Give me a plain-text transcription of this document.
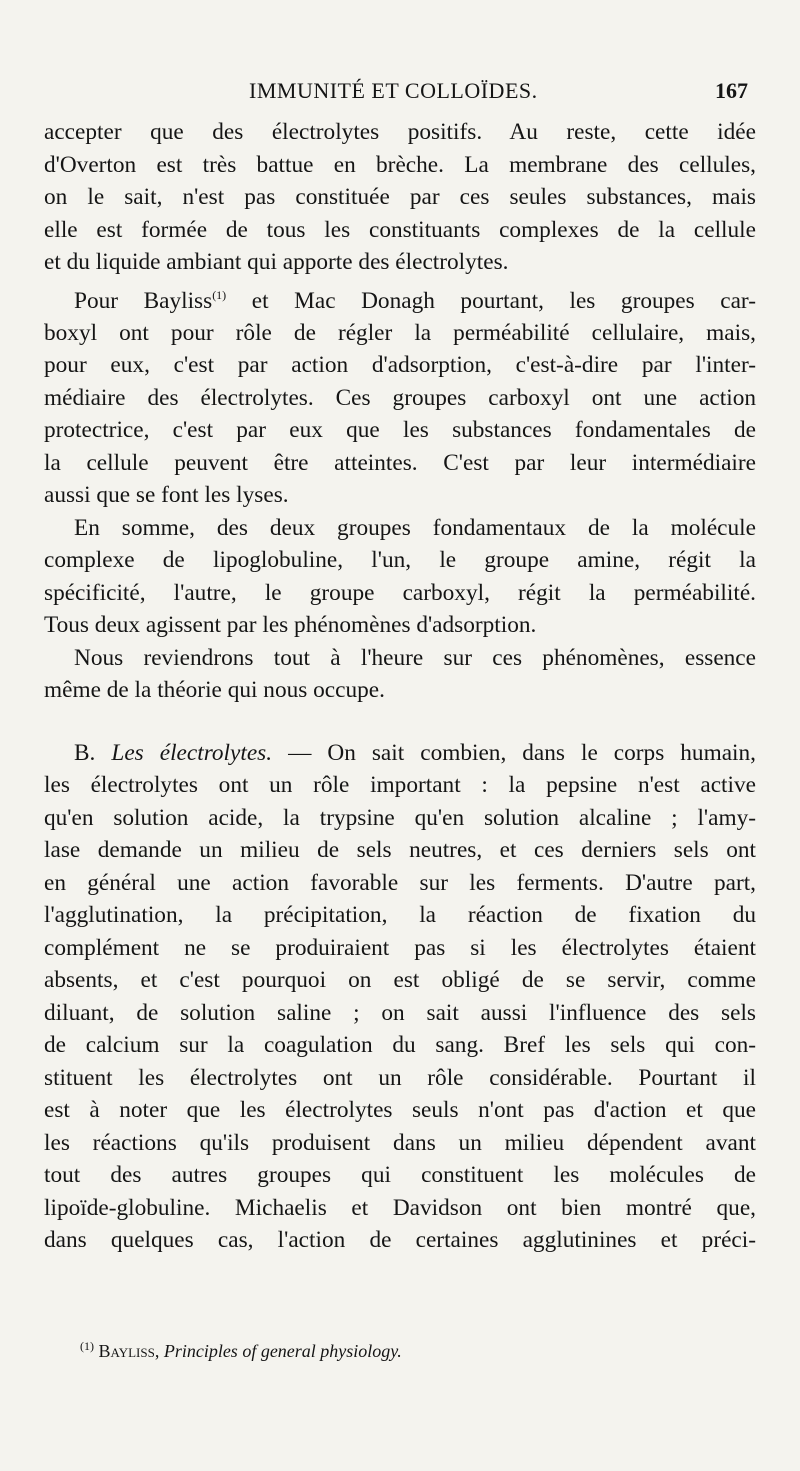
IMMUNITÉ ET COLLOÏDES.	167
accepter que des électrolytes positifs. Au reste, cette idée
d'Overton est très battue en brèche. La membrane des cellules,
on le sait, n'est pas constituée par ces seules substances, mais
elle est formée de tous les constituants complexes de la cellule
et du liquide ambiant qui apporte des électrolytes.
Pour Bayliss$^{(1)}$ et Mac Donagh pourtant, les groupes car-
boxyl ont pour rôle de régler la perméabilité cellulaire, mais,
pour eux, c'est par action d'adsorption, c'est-à-dire par l'inter-
médiaire des électrolytes. Ces groupes carboxyl ont une action
protectrice, c'est par eux que les substances fondamentales de
la cellule peuvent être atteintes. C'est par leur intermédiaire
aussi que se font les lyses.
En somme, des deux groupes fondamentaux de la molécule
complexe de lipoglobuline, l'un, le groupe amine, régit la
spécificité, l'autre, le groupe carboxyl, régit la perméabilité.
Tous deux agissent par les phénomènes d'adsorption.
Nous reviendrons tout à l'heure sur ces phénomènes, essence
même de la théorie qui nous occupe.
B. Les électrolytes. — On sait combien, dans le corps humain,
les électrolytes ont un rôle important : la pepsine n'est active
qu'en solution acide, la trypsine qu'en solution alcaline ; l'amy-
lase demande un milieu de sels neutres, et ces derniers sels ont
en général une action favorable sur les ferments. D'autre part,
l'agglutination, la précipitation, la réaction de fixation du
complément ne se produiraient pas si les électrolytes étaient
absents, et c'est pourquoi on est obligé de se servir, comme
diluant, de solution saline ; on sait aussi l'influence des sels
de calcium sur la coagulation du sang. Bref les sels qui con-
stituent les électrolytes ont un rôle considérable. Pourtant il
est à noter que les électrolytes seuls n'ont pas d'action et que
les réactions qu'ils produisent dans un milieu dépendent avant
tout des autres groupes qui constituent les molécules de
lipoïde-globuline. Michaelis et Davidson ont bien montré que,
dans quelques cas, l'action de certaines agglutinines et préci-
$^{(1)}$ Bayliss, Principles of general physiology.
